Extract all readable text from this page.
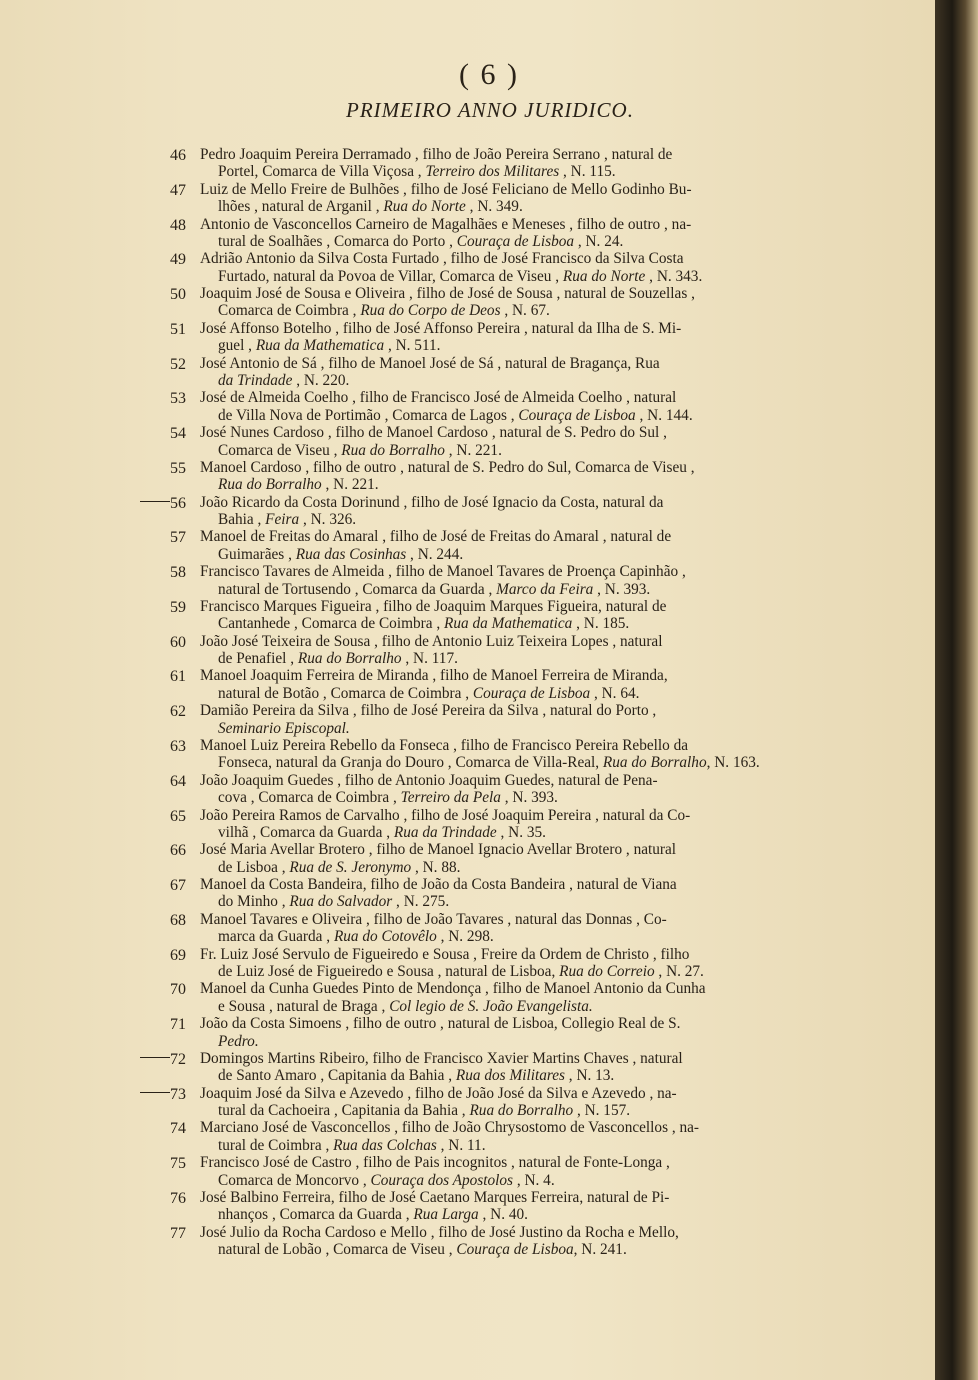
( 6 )
PRIMEIRO ANNO JURIDICO.
46 Pedro Joaquim Pereira Derramado , filho de João Pereira Serrano , natural de
Portel, Comarca de Villa Viçosa , Terreiro dos Militares , N. 115.
47 Luiz de Mello Freire de Bulhões , filho de José Feliciano de Mello Godinho Bu-
lhões , natural de Arganil , Rua do Norte , N. 349.
48 Antonio de Vasconcellos Carneiro de Magalhães e Meneses , filho de outro , na-
tural de Soalhães , Comarca do Porto , Couraça de Lisboa , N. 24.
49 Adrião Antonio da Silva Costa Furtado , filho de José Francisco da Silva Costa
Furtado, natural da Povoa de Villar, Comarca de Viseu , Rua do Norte , N. 343.
50 Joaquim José de Sousa e Oliveira , filho de José de Sousa , natural de Souzellas ,
Comarca de Coimbra , Rua do Corpo de Deos , N. 67.
51 José Affonso Botelho , filho de José Affonso Pereira , natural da Ilha de S. Mi-
guel , Rua da Mathematica , N. 511.
52 José Antonio de Sá , filho de Manoel José de Sá , natural de Bragança, Rua
da Trindade , N. 220.
53 José de Almeida Coelho , filho de Francisco José de Almeida Coelho , natural
de Villa Nova de Portimão , Comarca de Lagos , Couraça de Lisboa , N. 144.
54 José Nunes Cardoso , filho de Manoel Cardoso , natural de S. Pedro do Sul ,
Comarca de Viseu , Rua do Borralho , N. 221.
55 Manoel Cardoso , filho de outro , natural de S. Pedro do Sul, Comarca de Viseu ,
Rua do Borralho , N. 221.
56 João Ricardo da Costa Dorinund , filho de José Ignacio da Costa, natural da
Bahia , Feira , N. 326.
57 Manoel de Freitas do Amaral , filho de José de Freitas do Amaral , natural de
Guimarães , Rua das Cosinhas , N. 244.
58 Francisco Tavares de Almeida , filho de Manoel Tavares de Proença Capinhão ,
natural de Tortusendo , Comarca da Guarda , Marco da Feira , N. 393.
59 Francisco Marques Figueira , filho de Joaquim Marques Figueira, natural de
Cantanhede , Comarca de Coimbra , Rua da Mathematica , N. 185.
60 João José Teixeira de Sousa , filho de Antonio Luiz Teixeira Lopes , natural
de Penafiel , Rua do Borralho , N. 117.
61 Manoel Joaquim Ferreira de Miranda , filho de Manoel Ferreira de Miranda,
natural de Botão , Comarca de Coimbra , Couraça de Lisboa , N. 64.
62 Damião Pereira da Silva , filho de José Pereira da Silva , natural do Porto ,
Seminario Episcopal.
63 Manoel Luiz Pereira Rebello da Fonseca , filho de Francisco Pereira Rebello da
Fonseca, natural da Granja do Douro , Comarca de Villa-Real, Rua do Borralho, N. 163.
64 João Joaquim Guedes , filho de Antonio Joaquim Guedes, natural de Pena-
cova , Comarca de Coimbra , Terreiro da Pela , N. 393.
65 João Pereira Ramos de Carvalho , filho de José Joaquim Pereira , natural da Co-
vilhã , Comarca da Guarda , Rua da Trindade , N. 35.
66 José Maria Avellar Brotero , filho de Manoel Ignacio Avellar Brotero , natural
de Lisboa , Rua de S. Jeronymo , N. 88.
67 Manoel da Costa Bandeira, filho de João da Costa Bandeira , natural de Viana
do Minho , Rua do Salvador , N. 275.
68 Manoel Tavares e Oliveira , filho de João Tavares , natural das Donnas , Co-
marca da Guarda , Rua do Cotovêlo , N. 298.
69 Fr. Luiz José Servulo de Figueiredo e Sousa , Freire da Ordem de Christo , filho
de Luiz José de Figueiredo e Sousa , natural de Lisboa, Rua do Correio , N. 27.
70 Manoel da Cunha Guedes Pinto de Mendonça , filho de Manoel Antonio da Cunha
e Sousa , natural de Braga , Col legio de S. João Evangelista.
71 João da Costa Simoens , filho de outro , natural de Lisboa, Collegio Real de S.
Pedro.
72 Domingos Martins Ribeiro, filho de Francisco Xavier Martins Chaves , natural
de Santo Amaro , Capitania da Bahia , Rua dos Militares , N. 13.
73 Joaquim José da Silva e Azevedo , filho de João José da Silva e Azevedo , na-
tural da Cachoeira , Capitania da Bahia , Rua do Borralho , N. 157.
74 Marciano José de Vasconcellos , filho de João Chrysostomo de Vasconcellos , na-
tural de Coimbra , Rua das Colchas , N. 11.
75 Francisco José de Castro , filho de Pais incognitos , natural de Fonte-Longa ,
Comarca de Moncorvo , Couraça dos Apostolos , N. 4.
76 José Balbino Ferreira, filho de José Caetano Marques Ferreira, natural de Pi-
nhanços , Comarca da Guarda , Rua Larga , N. 40.
77 José Julio da Rocha Cardoso e Mello , filho de José Justino da Rocha e Mello,
natural de Lobão , Comarca de Viseu , Couraça de Lisboa, N. 241.
